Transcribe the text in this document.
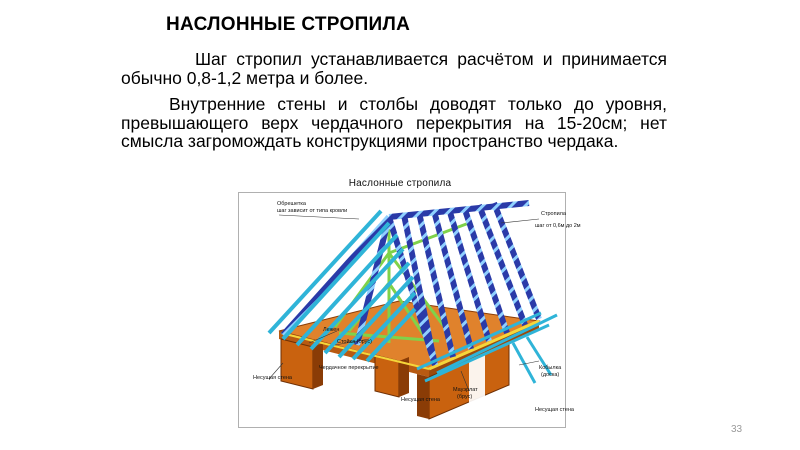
НАСЛОННЫЕ СТРОПИЛА

Шаг стропил устанавливается расчётом и принимается обычно 0,8-1,2 метра и более.

Внутренние стены и столбы доводят только до уровня, превышающего верх чердачного перекрытия на 15-20см; нет смысла загромождать конструкциями пространство чердака.

Наслонные стропила
Обрешетка
шаг зависит от типа кровли	Стропила
шаг от 0,6м до 2м
Лежен
Стойка (брус)
Чердачное перекрытие
Несущая стена
Несущая стена
Несущая стена
Мауэрлат
(брус)
Кобылка
(доска)
33
